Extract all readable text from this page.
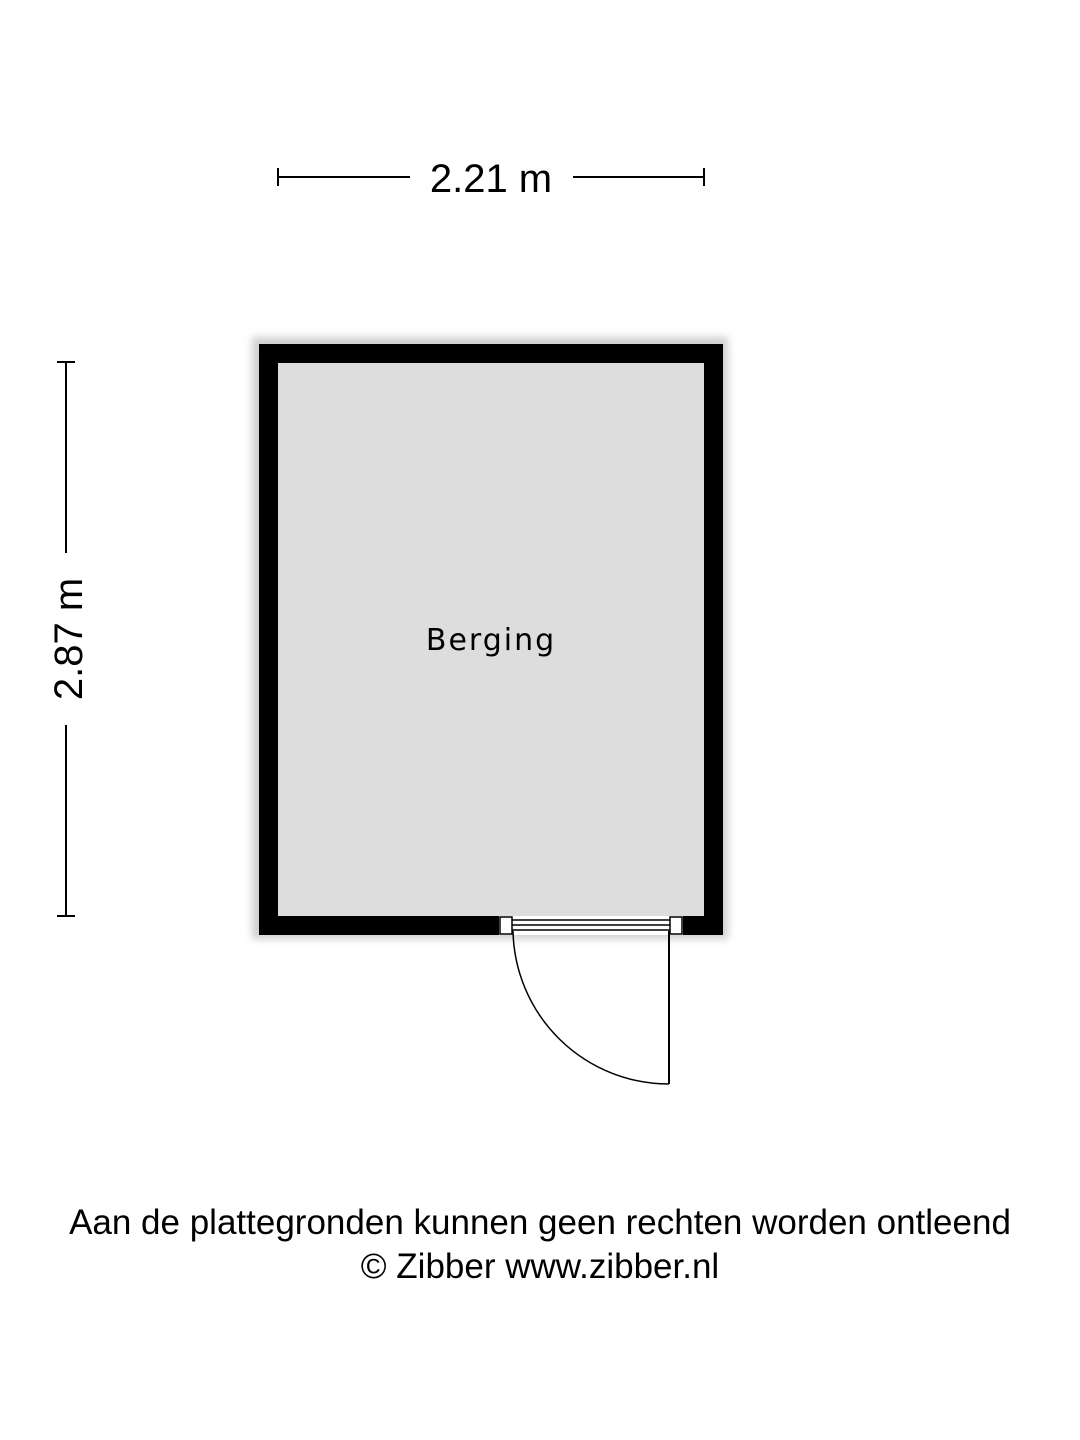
2.21 m
2.87 m	Berging

Aan de plattegronden kunnen geen rechten worden ontleend

© Zibber www.zibber.nl
